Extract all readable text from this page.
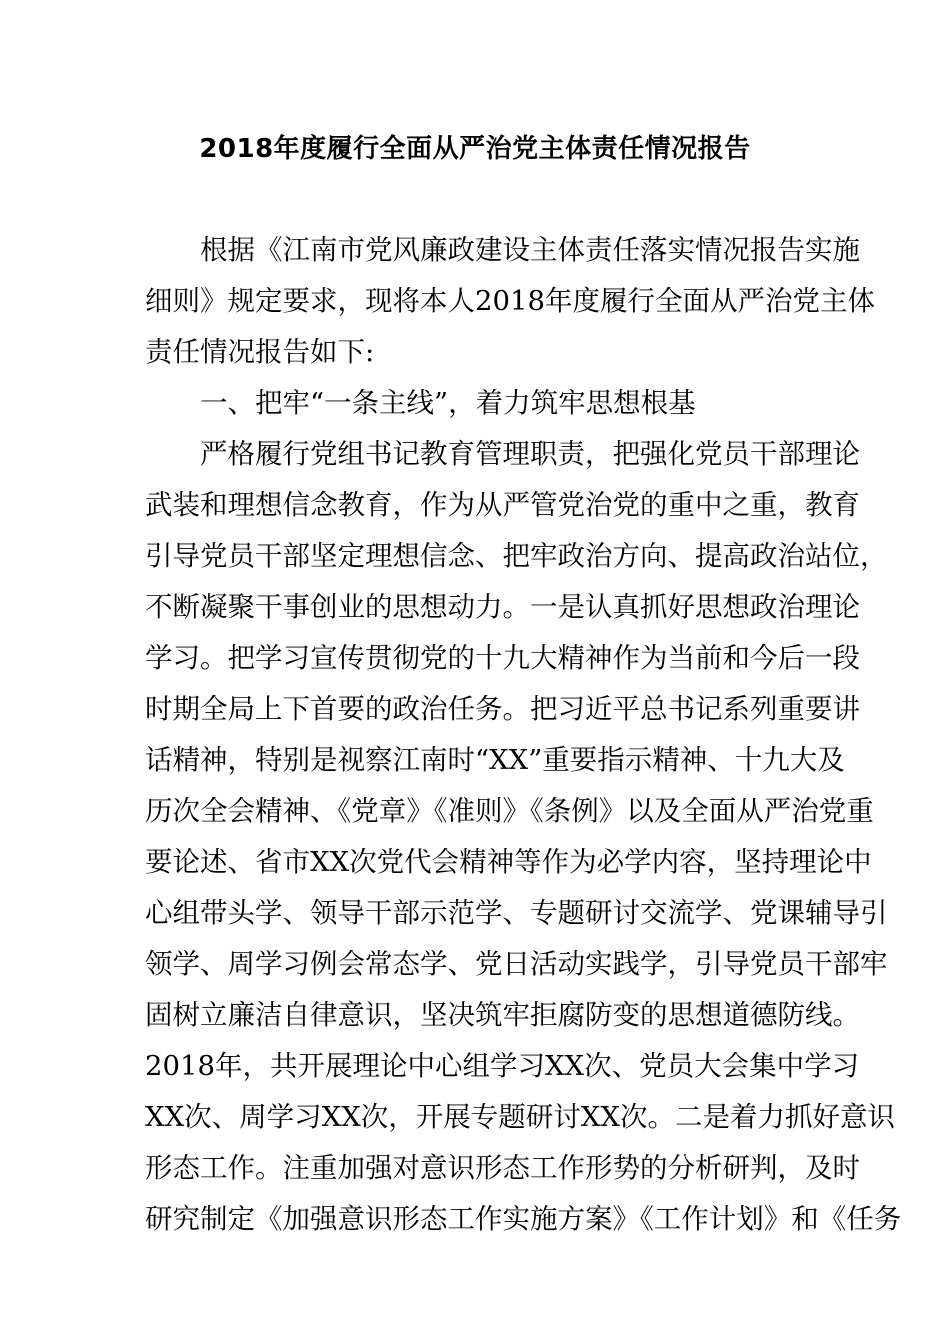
2018年度履行全面从严治党主体责任情况报告
根据《江南市党风廉政建设主体责任落实情况报告实施
细则》规定要求，现将本人2018年度履行全面从严治党主体
责任情况报告如下:
一、把牢“一条主线”，着力筑牢思想根基
严格履行党组书记教育管理职责，把强化党员干部理论
武装和理想信念教育，作为从严管党治党的重中之重，教育
引导党员干部坚定理想信念、把牢政治方向、提高政治站位，
不断凝聚干事创业的思想动力。一是认真抓好思想政治理论
学习。把学习宣传贯彻党的十九大精神作为当前和今后一段
时期全局上下首要的政治任务。把习近平总书记系列重要讲
话精神，特别是视察江南时“XX”重要指示精神、十九大及
历次全会精神、《党章》《准则》《条例》以及全面从严治党重
要论述、省市XX次党代会精神等作为必学内容，坚持理论中
心组带头学、领导干部示范学、专题研讨交流学、党课辅导引
领学、周学习例会常态学、党日活动实践学，引导党员干部牢
固树立廉洁自律意识，坚决筑牢拒腐防变的思想道德防线。
2018年，共开展理论中心组学习XX次、党员大会集中学习
XX次、周学习XX次，开展专题研讨XX次。二是着力抓好意识
形态工作。注重加强对意识形态工作形势的分析研判，及时
研究制定《加强意识形态工作实施方案》《工作计划》和《任务
